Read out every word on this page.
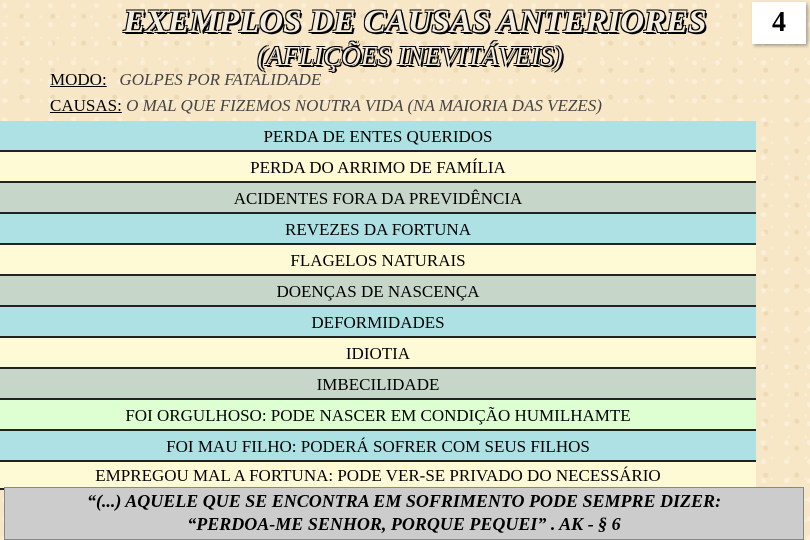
EXEMPLOS DE CAUSAS ANTERIORES
(AFLIÇÕES INEVITÁVEIS)
4
MODO: GOLPES POR FATALIDADE
CAUSAS: O MAL QUE FIZEMOS NOUTRA VIDA (NA MAIORIA DAS VEZES)
PERDA DE ENTES QUERIDOS
PERDA DO ARRIMO DE FAMÍLIA
ACIDENTES FORA DA PREVIDÊNCIA
REVEZES DA FORTUNA
FLAGELOS NATURAIS
DOENÇAS DE NASCENÇA
DEFORMIDADES
IDIOTIA
IMBECILIDADE
FOI ORGULHOSO: PODE NASCER EM CONDIÇÃO HUMILHAMTE
FOI MAU FILHO: PODERÁ SOFRER COM SEUS FILHOS
EMPREGOU MAL A FORTUNA: PODE VER-SE PRIVADO DO NECESSÁRIO
“(...) AQUELE QUE SE ENCONTRA EM SOFRIMENTO PODE SEMPRE DIZER:
“PERDOA-ME SENHOR, PORQUE PEQUEI” . AK - § 6
